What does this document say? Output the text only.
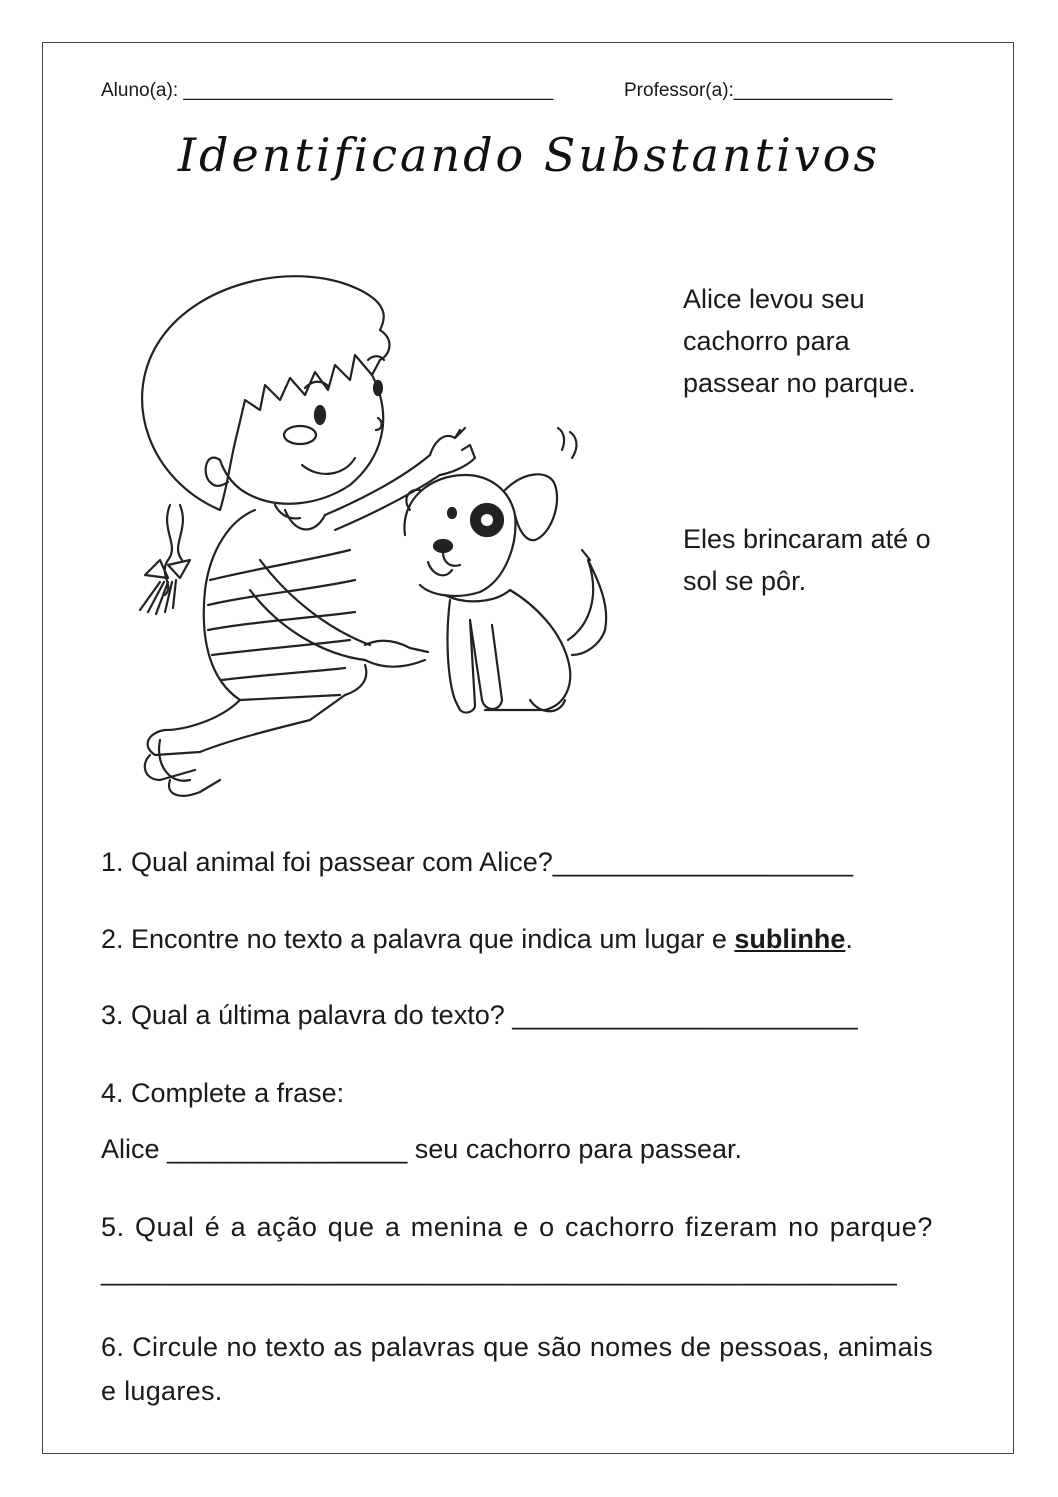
Aluno(a): ___________________________________	Professor(a):_______________
Identificando Substantivos
Alice levou seu cachorro para passear no parque.
Eles brincaram até o sol se pôr.
1. Qual animal foi passear com Alice?____________________
2. Encontre no texto a palavra que indica um lugar e sublinhe.
3. Qual a última palavra do texto? _______________________
4. Complete a frase:
Alice ________________ seu cachorro para passear.
5. Qual é a ação que a menina e o cachorro fizeram no parque? ___________________________________________________
6. Circule no texto as palavras que são nomes de pessoas, animais e lugares.
